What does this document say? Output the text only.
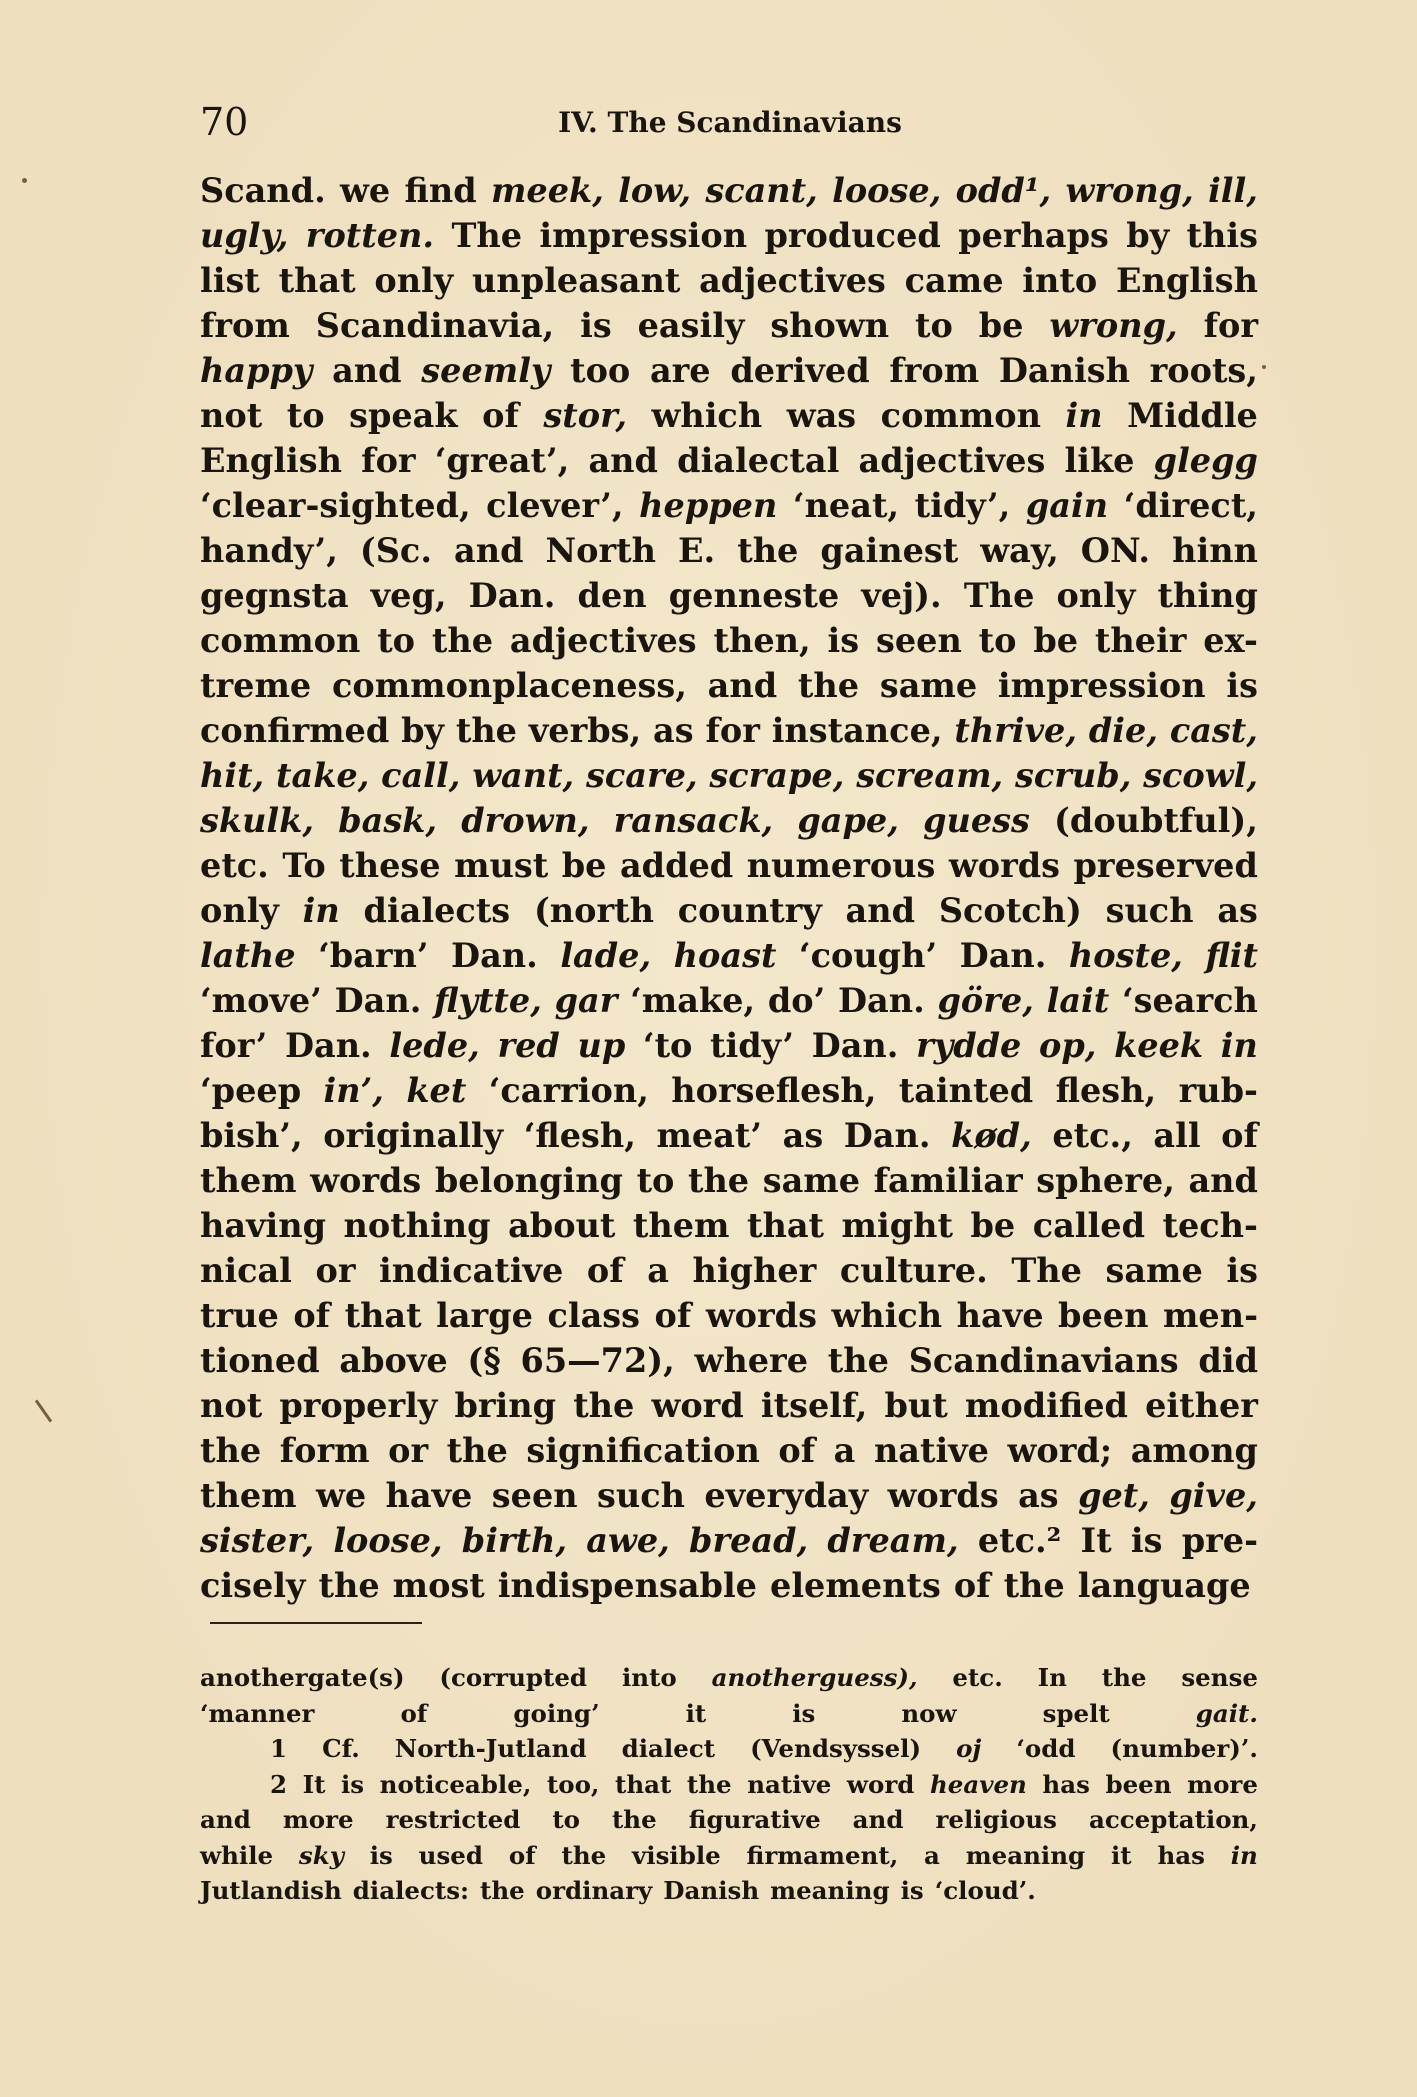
70	IV. The Scandinavians
Scand. we find meek, low, scant, loose, odd¹, wrong, ill,
ugly, rotten. The impression produced perhaps by this
list that only unpleasant adjectives came into English
from Scandinavia, is easily shown to be wrong, for
happy and seemly too are derived from Danish roots,
not to speak of stor, which was common in Middle
English for ‘great’, and dialectal adjectives like glegg
‘clear-sighted, clever’, heppen ‘neat, tidy’, gain ‘direct,
handy’, (Sc. and North E. the gainest way, ON. hinn
gegnsta veg, Dan. den genneste vej). The only thing
common to the adjectives then, is seen to be their ex-
treme commonplaceness, and the same impression is
confirmed by the verbs, as for instance, thrive, die, cast,
hit, take, call, want, scare, scrape, scream, scrub, scowl,
skulk, bask, drown, ransack, gape, guess (doubtful),
etc. To these must be added numerous words preserved
only in dialects (north country and Scotch) such as
lathe ‘barn’ Dan. lade, hoast ‘cough’ Dan. hoste, flit
‘move’ Dan. flytte, gar ‘make, do’ Dan. göre, lait ‘search
for’ Dan. lede, red up ‘to tidy’ Dan. rydde op, keek in
‘peep in’, ket ‘carrion, horseflesh, tainted flesh, rub-
bish’, originally ‘flesh, meat’ as Dan. kød, etc., all of
them words belonging to the same familiar sphere, and
having nothing about them that might be called tech-
nical or indicative of a higher culture. The same is
true of that large class of words which have been men-
tioned above (§ 65—72), where the Scandinavians did
not properly bring the word itself, but modified either
the form or the signification of a native word; among
them we have seen such everyday words as get, give,
sister, loose, birth, awe, bread, dream, etc.² It is pre-
cisely the most indispensable elements of the language
anothergate(s) (corrupted into anotherguess), etc. In the sense
‘manner	of	going’	it	is	now	spelt	gait.
1 Cf. North-Jutland dialect (Vendsyssel) oj ‘odd (number)’.
2 It is noticeable, too, that the native word heaven has been more
and more restricted to the figurative and religious acceptation,
while sky is used of the visible firmament, a meaning it has in
Jutlandish dialects: the ordinary Danish meaning is ‘cloud’.
